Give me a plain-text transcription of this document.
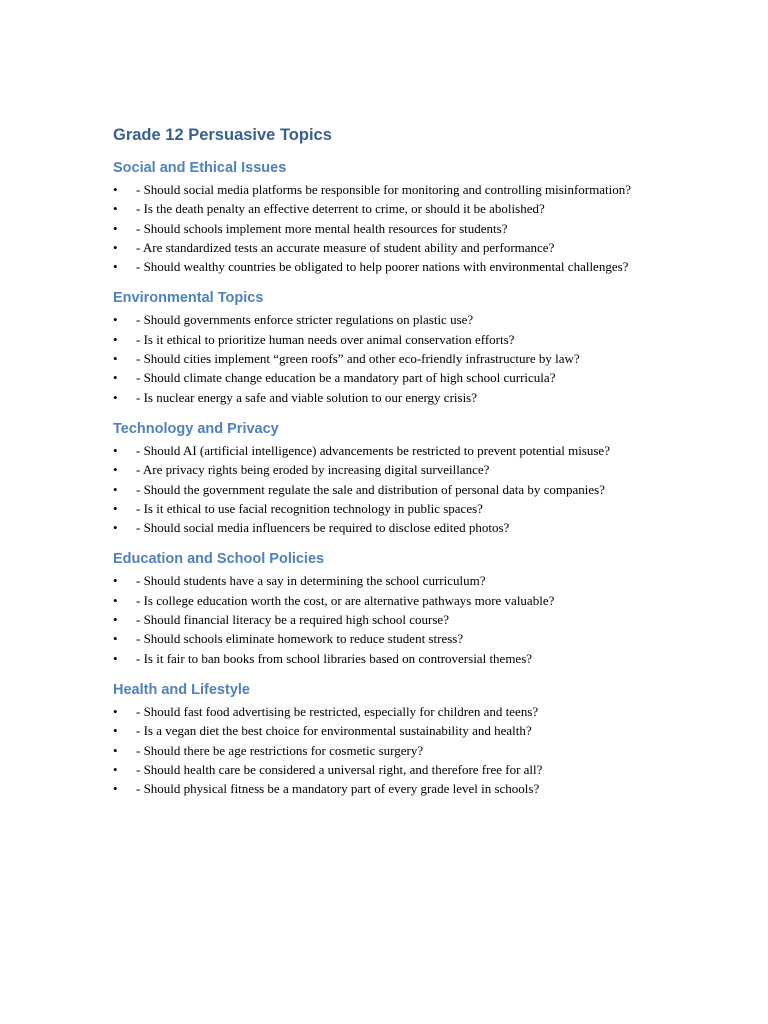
Grade 12 Persuasive Topics
Social and Ethical Issues
• - Should social media platforms be responsible for monitoring and controlling misinformation?
• - Is the death penalty an effective deterrent to crime, or should it be abolished?
• - Should schools implement more mental health resources for students?
• - Are standardized tests an accurate measure of student ability and performance?
• - Should wealthy countries be obligated to help poorer nations with environmental challenges?
Environmental Topics
• - Should governments enforce stricter regulations on plastic use?
• - Is it ethical to prioritize human needs over animal conservation efforts?
• - Should cities implement “green roofs” and other eco-friendly infrastructure by law?
• - Should climate change education be a mandatory part of high school curricula?
• - Is nuclear energy a safe and viable solution to our energy crisis?
Technology and Privacy
• - Should AI (artificial intelligence) advancements be restricted to prevent potential misuse?
• - Are privacy rights being eroded by increasing digital surveillance?
• - Should the government regulate the sale and distribution of personal data by companies?
• - Is it ethical to use facial recognition technology in public spaces?
• - Should social media influencers be required to disclose edited photos?
Education and School Policies
• - Should students have a say in determining the school curriculum?
• - Is college education worth the cost, or are alternative pathways more valuable?
• - Should financial literacy be a required high school course?
• - Should schools eliminate homework to reduce student stress?
• - Is it fair to ban books from school libraries based on controversial themes?
Health and Lifestyle
• - Should fast food advertising be restricted, especially for children and teens?
• - Is a vegan diet the best choice for environmental sustainability and health?
• - Should there be age restrictions for cosmetic surgery?
• - Should health care be considered a universal right, and therefore free for all?
• - Should physical fitness be a mandatory part of every grade level in schools?
